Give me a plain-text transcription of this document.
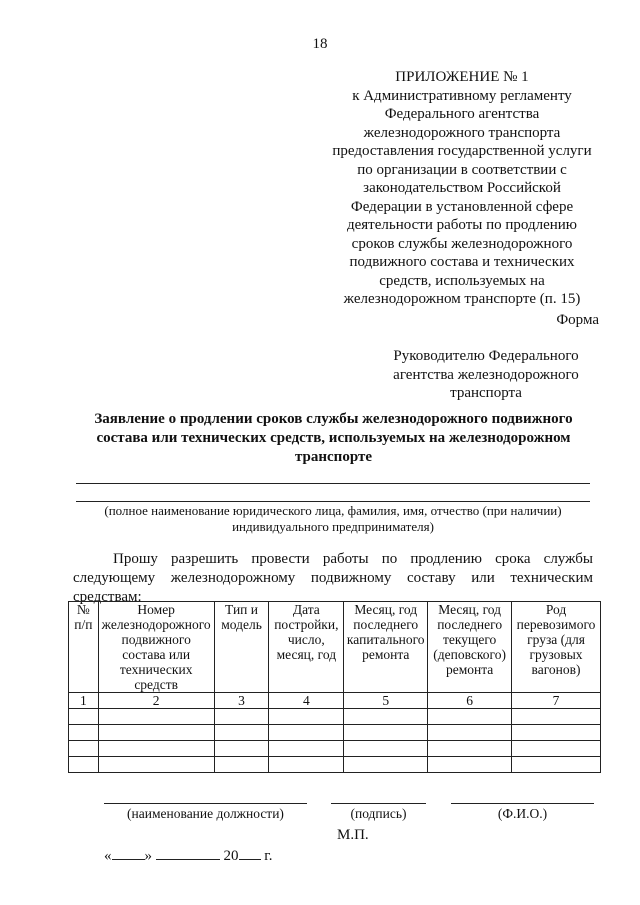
18
ПРИЛОЖЕНИЕ № 1
к Административному регламенту
Федерального агентства
железнодорожного транспорта
предоставления государственной услуги
по организации в соответствии с
законодательством Российской
Федерации в установленной сфере
деятельности работы по продлению
сроков службы железнодорожного
подвижного состава и технических
средств, используемых на
железнодорожном транспорте (п. 15)
Форма
Руководителю Федерального
агентства железнодорожного
транспорта
Заявление о продлении сроков службы железнодорожного подвижного
состава или технических средств, используемых на железнодорожном
транспорте
(полное наименование юридического лица, фамилия, имя, отчество (при наличии)
индивидуального предпринимателя)
Прошу разрешить провести работы по продлению срока службы
следующему железнодорожному подвижному составу или техническим
средствам:
№ п/п	Номер железнодорожного подвижного состава или технических средств	Тип и модель	Дата постройки, число, месяц, год	Месяц, год последнего капитального ремонта	Месяц, год последнего текущего (деповского) ремонта	Род перевозимого груза (для грузовых вагонов)
1	2	3	4	5	6	7

(наименование должности)	(подпись)	(Ф.И.О.)
М.П.
« »	20 г.
